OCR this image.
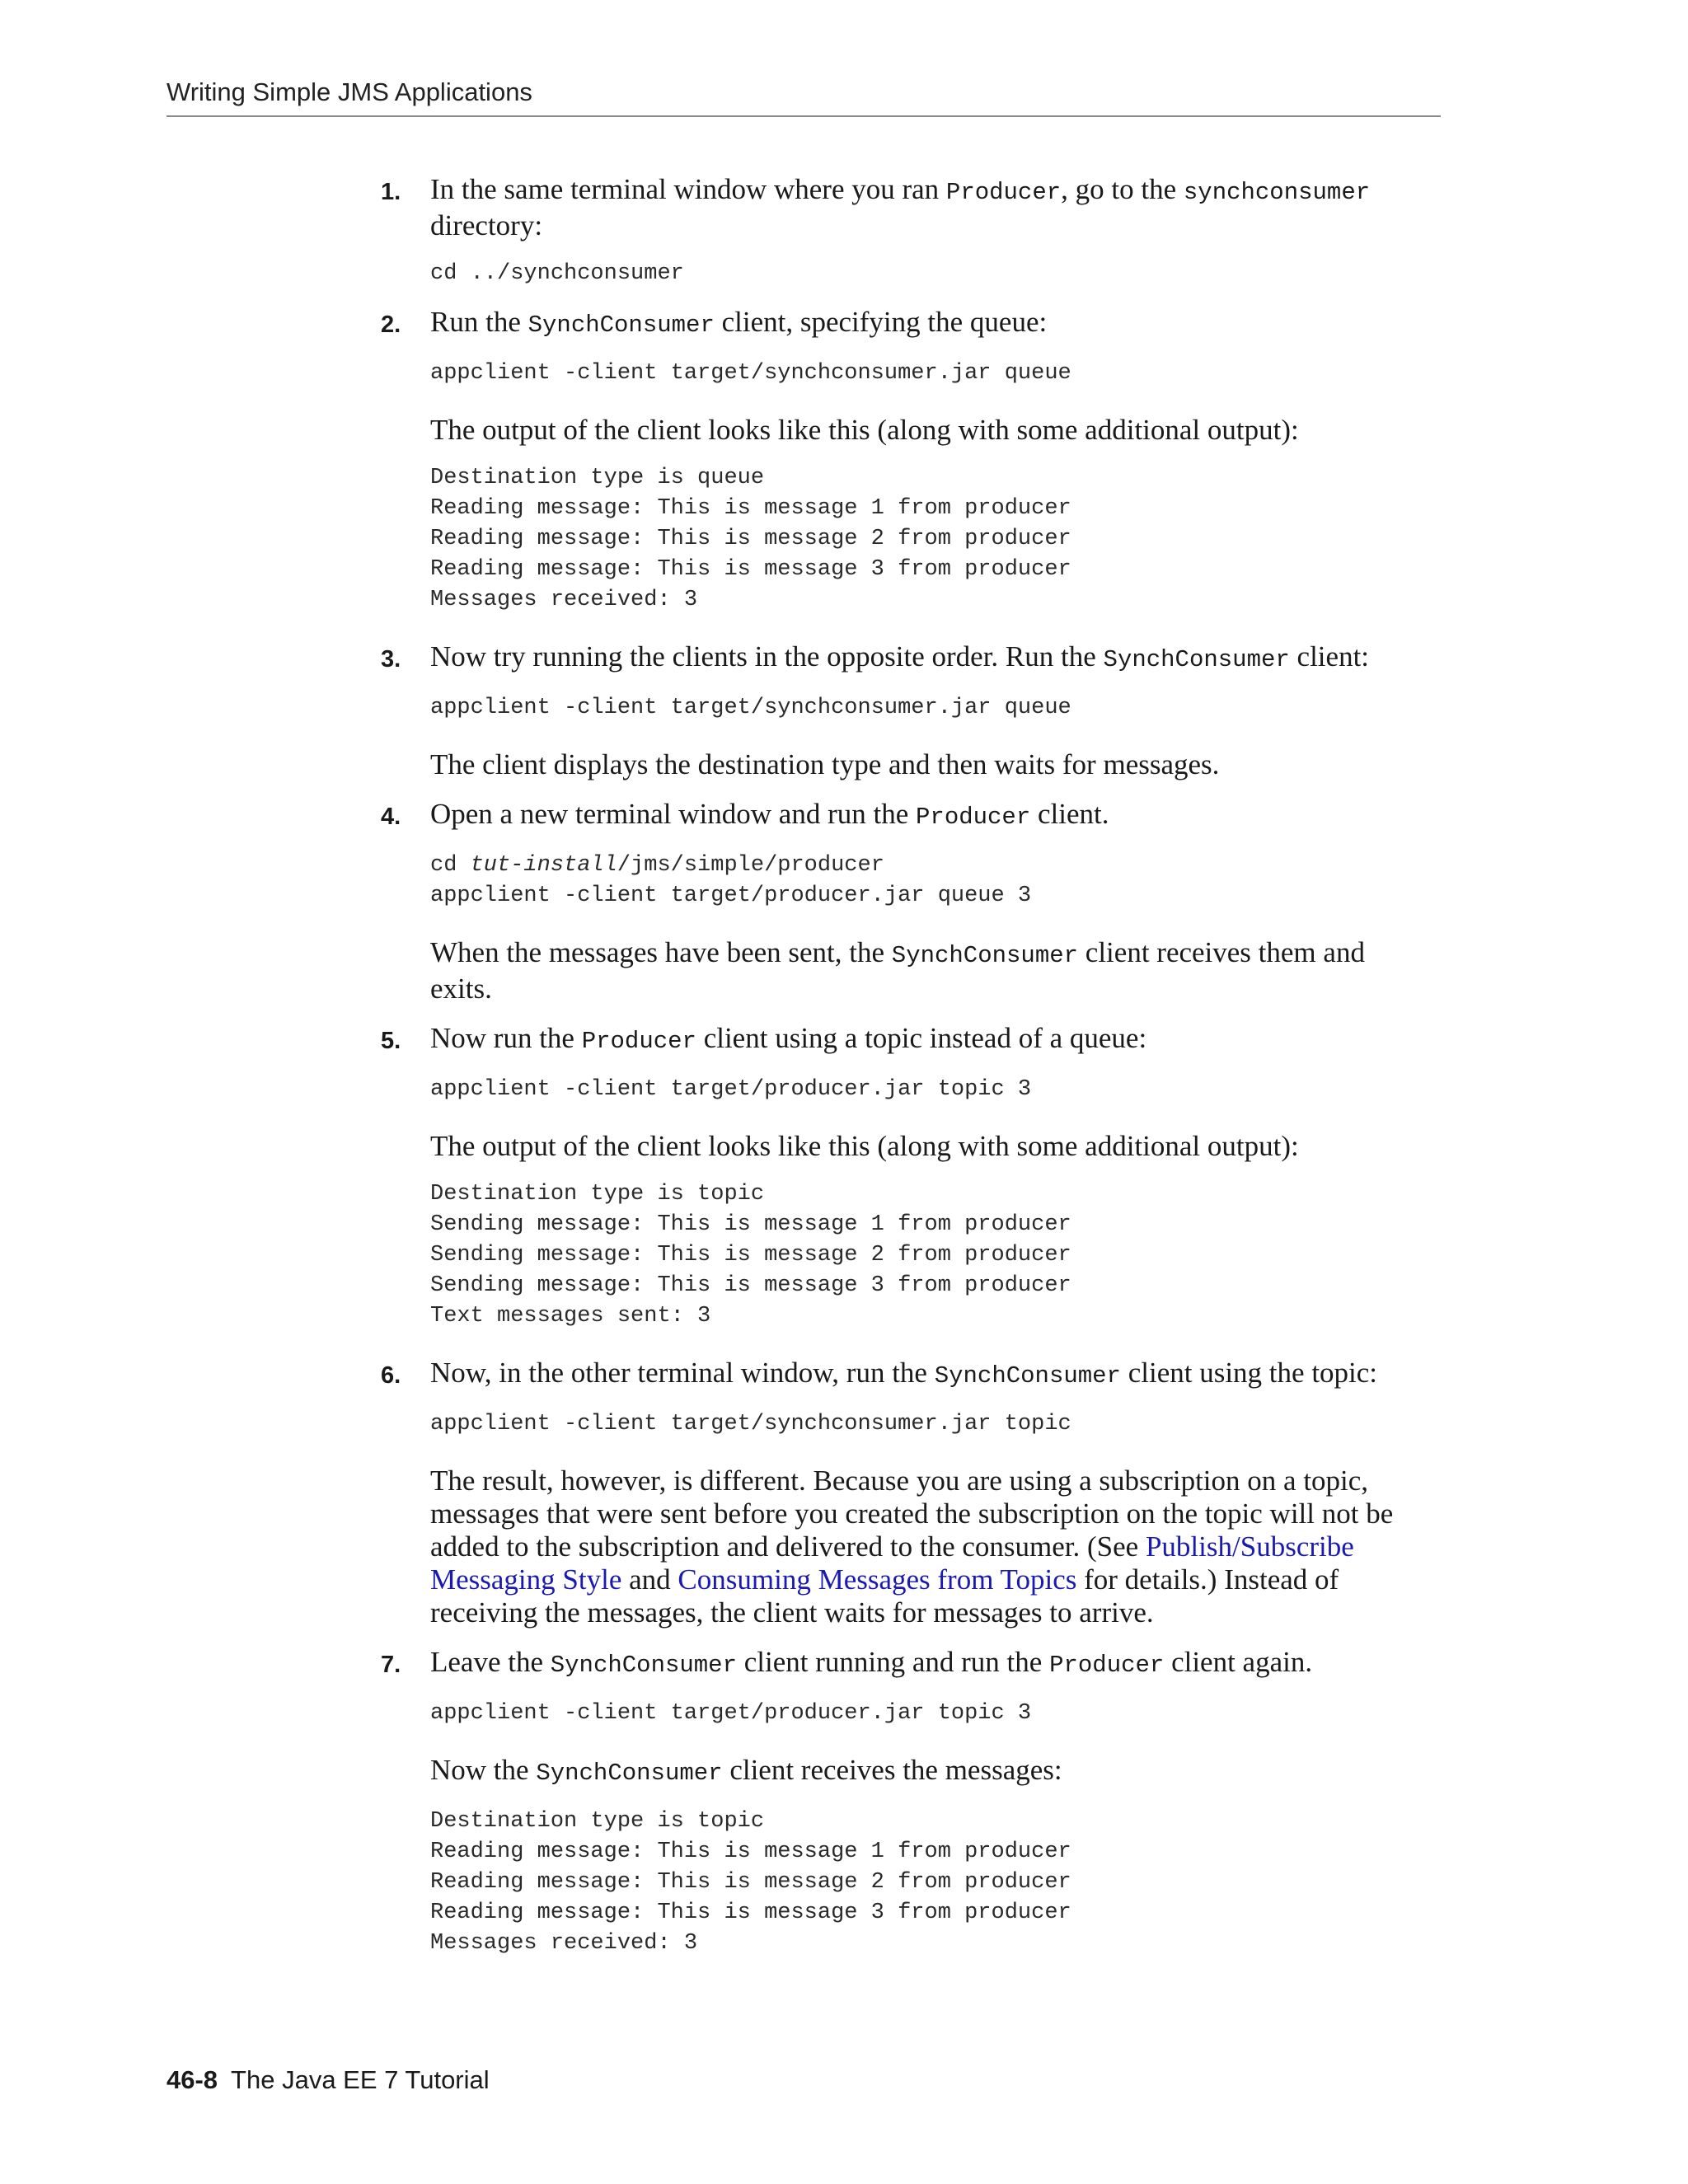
Writing Simple JMS Applications
1. In the same terminal window where you ran Producer, go to the synchconsumer directory:

cd ../synchconsumer
2. Run the SynchConsumer client, specifying the queue:

appclient -client target/synchconsumer.jar queue

The output of the client looks like this (along with some additional output):

Destination type is queue
Reading message: This is message 1 from producer
Reading message: This is message 2 from producer
Reading message: This is message 3 from producer
Messages received: 3
3. Now try running the clients in the opposite order. Run the SynchConsumer client:

appclient -client target/synchconsumer.jar queue

The client displays the destination type and then waits for messages.

4. Open a new terminal window and run the Producer client.

cd tut-install/jms/simple/producer
appclient -client target/producer.jar queue 3

When the messages have been sent, the SynchConsumer client receives them and exits.

5. Now run the Producer client using a topic instead of a queue:

appclient -client target/producer.jar topic 3

The output of the client looks like this (along with some additional output):

Destination type is topic
Sending message: This is message 1 from producer
Sending message: This is message 2 from producer
Sending message: This is message 3 from producer
Text messages sent: 3
6. Now, in the other terminal window, run the SynchConsumer client using the topic:

appclient -client target/synchconsumer.jar topic

The result, however, is different. Because you are using a subscription on a topic, messages that were sent before you created the subscription on the topic will not be added to the subscription and delivered to the consumer. (See Publish/Subscribe Messaging Style and Consuming Messages from Topics for details.) Instead of receiving the messages, the client waits for messages to arrive.

7. Leave the SynchConsumer client running and run the Producer client again.

appclient -client target/producer.jar topic 3

Now the SynchConsumer client receives the messages:

Destination type is topic
Reading message: This is message 1 from producer
Reading message: This is message 2 from producer
Reading message: This is message 3 from producer
Messages received: 3
46-8 The Java EE 7 Tutorial
